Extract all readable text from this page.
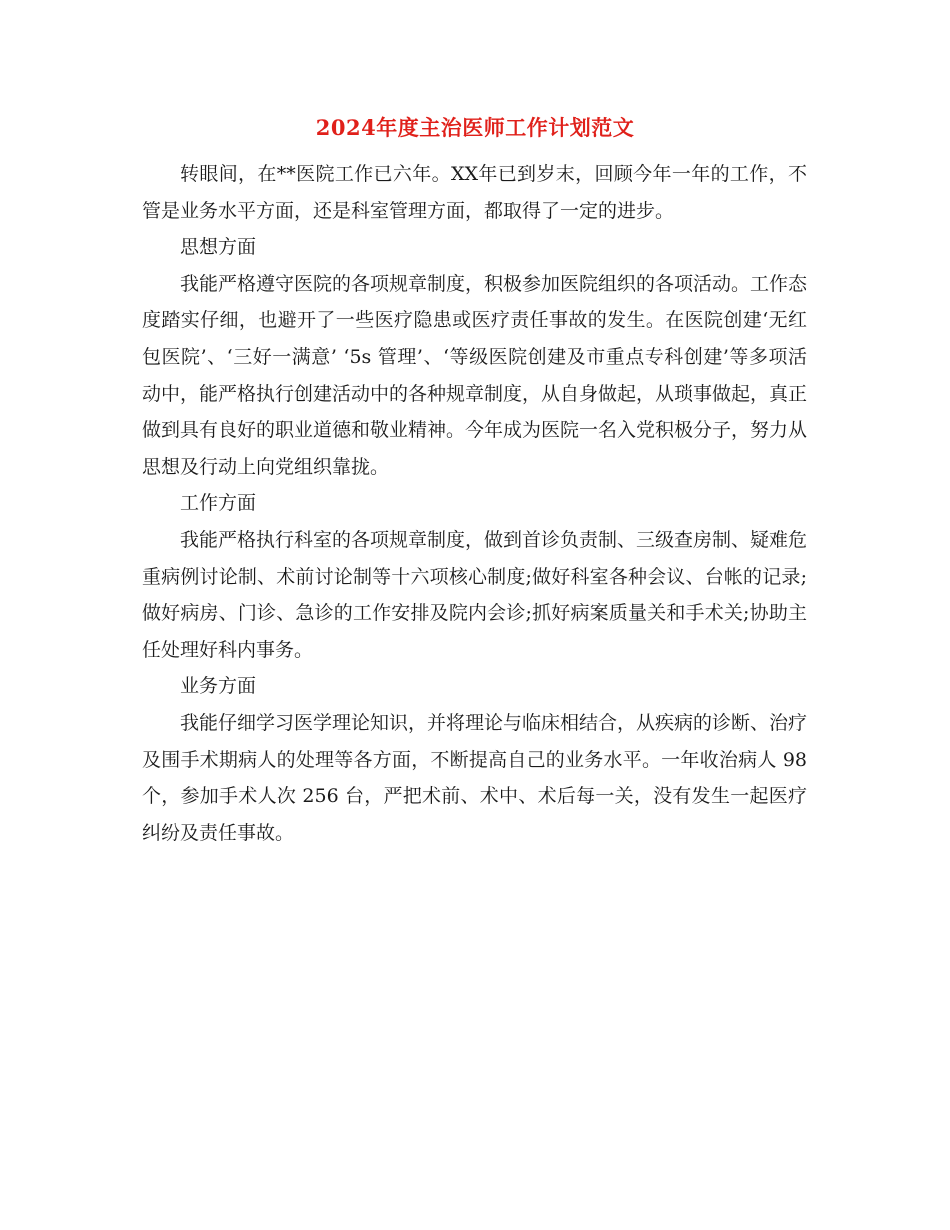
2024年度主治医师工作计划范文

转眼间，在**医院工作已六年。XX年已到岁末，回顾今年一年的工作，不管是业务水平方面，还是科室管理方面，都取得了一定的进步。

思想方面

我能严格遵守医院的各项规章制度，积极参加医院组织的各项活动。工作态度踏实仔细，也避开了一些医疗隐患或医疗责任事故的发生。在医院创建‘无红包医院’、‘三好一满意’ ‘5s 管理’、‘等级医院创建及市重点专科创建’等多项活动中，能严格执行创建活动中的各种规章制度，从自身做起，从琐事做起，真正做到具有良好的职业道德和敬业精神。今年成为医院一名入党积极分子，努力从思想及行动上向党组织靠拢。

工作方面

我能严格执行科室的各项规章制度，做到首诊负责制、三级查房制、疑难危重病例讨论制、术前讨论制等十六项核心制度;做好科室各种会议、台帐的记录;做好病房、门诊、急诊的工作安排及院内会诊;抓好病案质量关和手术关;协助主任处理好科内事务。

业务方面

我能仔细学习医学理论知识，并将理论与临床相结合，从疾病的诊断、治疗及围手术期病人的处理等各方面，不断提高自己的业务水平。一年收治病人 98 个，参加手术人次 256 台，严把术前、术中、术后每一关，没有发生一起医疗纠纷及责任事故。
